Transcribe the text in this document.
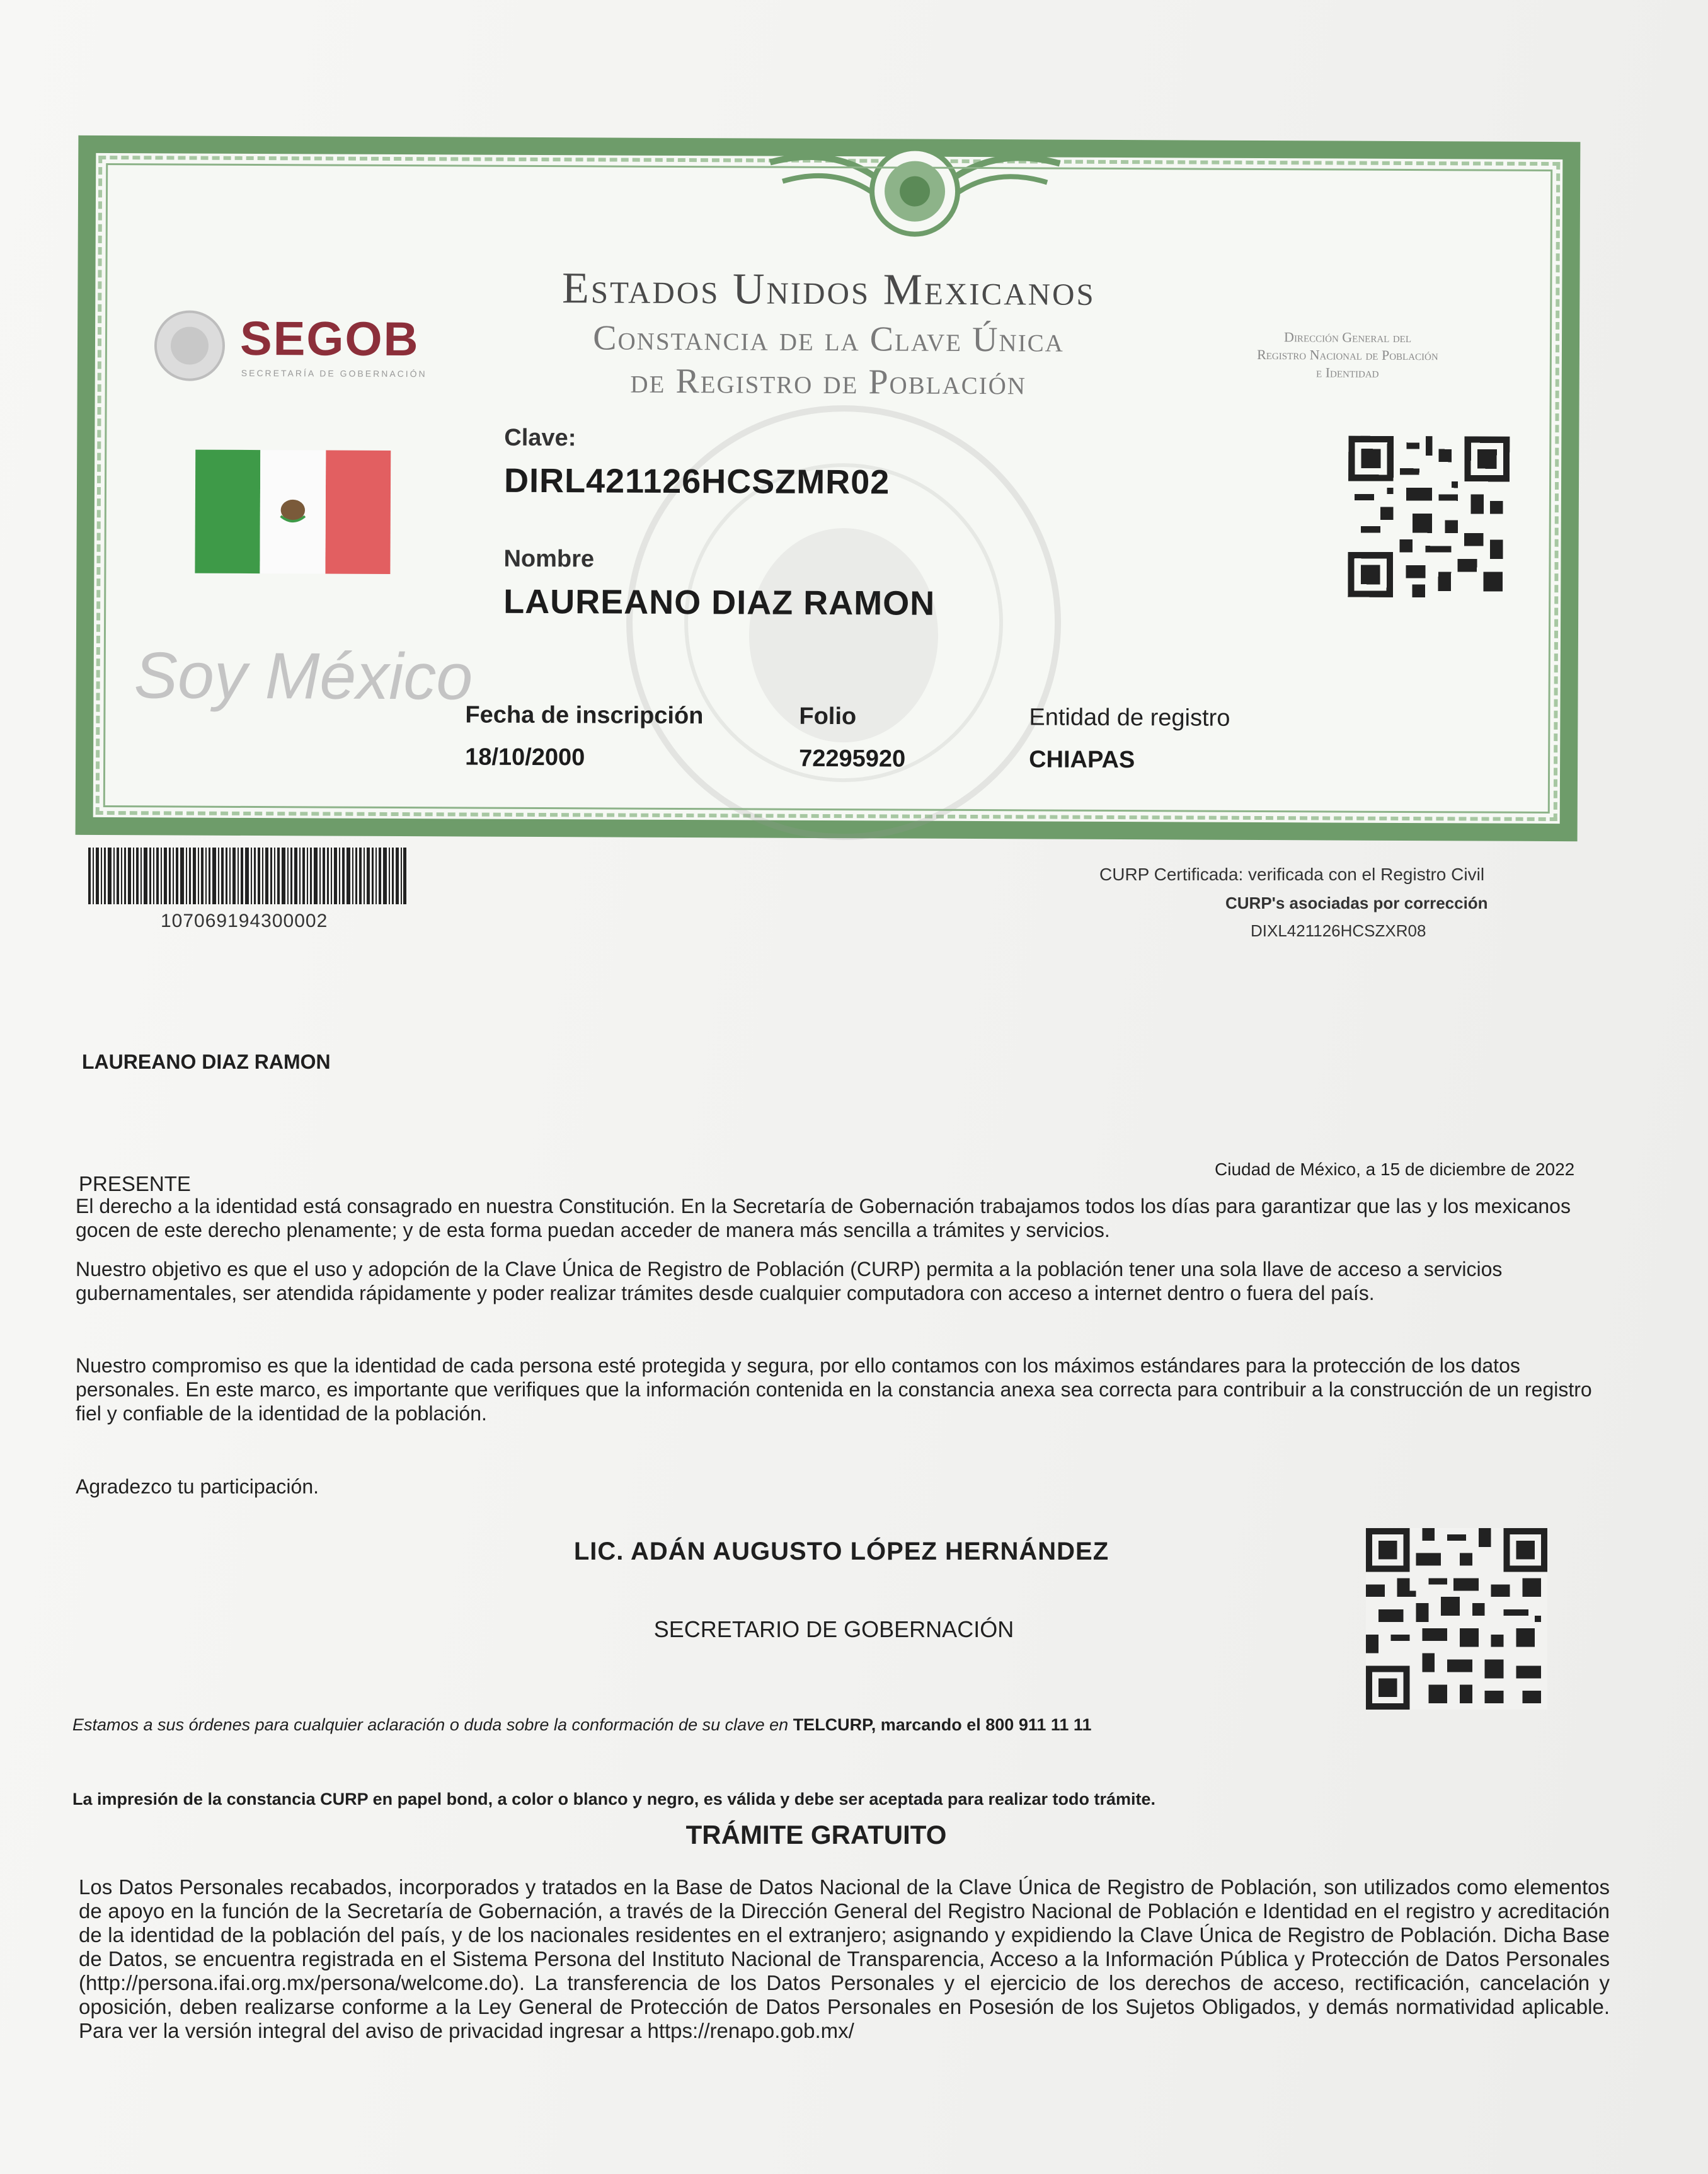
Estados Unidos Mexicanos
Constancia de la Clave Única
de Registro de Población
SEGOB
SECRETARÍA DE GOBERNACIÓN
Dirección General del
Registro Nacional de Población
e Identidad
Soy México
Clave:
DIRL421126HCSZMR02
Nombre
LAUREANO DIAZ RAMON
Fecha de inscripción
18/10/2000
Folio
72295920
Entidad de registro
CHIAPAS
107069194300002
CURP Certificada: verificada con el Registro Civil
CURP's asociadas por corrección
DIXL421126HCSZXR08
LAUREANO DIAZ RAMON
Ciudad de México, a 15 de diciembre de 2022
PRESENTE
El derecho a la identidad está consagrado en nuestra Constitución. En la Secretaría de Gobernación trabajamos todos los días para garantizar que las y los mexicanos gocen de este derecho plenamente; y de esta forma puedan acceder de manera más sencilla a trámites y servicios.
Nuestro objetivo es que el uso y adopción de la Clave Única de Registro de Población (CURP) permita a la población tener una sola llave de acceso a servicios gubernamentales, ser atendida rápidamente y poder realizar trámites desde cualquier computadora con acceso a internet dentro o fuera del país.
Nuestro compromiso es que la identidad de cada persona esté protegida y segura, por ello contamos con los máximos estándares para la protección de los datos personales. En este marco, es importante que verifiques que la información contenida en la constancia anexa sea correcta para contribuir a la construcción de un registro fiel y confiable de la identidad de la población.
Agradezco tu participación.
LIC. ADÁN AUGUSTO LÓPEZ HERNÁNDEZ
SECRETARIO DE GOBERNACIÓN
Estamos a sus órdenes para cualquier aclaración o duda sobre la conformación de su clave en TELCURP, marcando el 800 911 11 11
La impresión de la constancia CURP en papel bond, a color o blanco y negro, es válida y debe ser aceptada para realizar todo trámite.
TRÁMITE GRATUITO
Los Datos Personales recabados, incorporados y tratados en la Base de Datos Nacional de la Clave Única de Registro de Población, son utilizados como elementos de apoyo en la función de la Secretaría de Gobernación, a través de la Dirección General del Registro Nacional de Población e Identidad en el registro y acreditación de la identidad de la población del país, y de los nacionales residentes en el extranjero; asignando y expidiendo la Clave Única de Registro de Población. Dicha Base de Datos, se encuentra registrada en el Sistema Persona del Instituto Nacional de Transparencia, Acceso a la Información Pública y Protección de Datos Personales (http://persona.ifai.org.mx/persona/welcome.do). La transferencia de los Datos Personales y el ejercicio de los derechos de acceso, rectificación, cancelación y oposición, deben realizarse conforme a la Ley General de Protección de Datos Personales en Posesión de los Sujetos Obligados, y demás normatividad aplicable. Para ver la versión integral del aviso de privacidad ingresar a https://renapo.gob.mx/
